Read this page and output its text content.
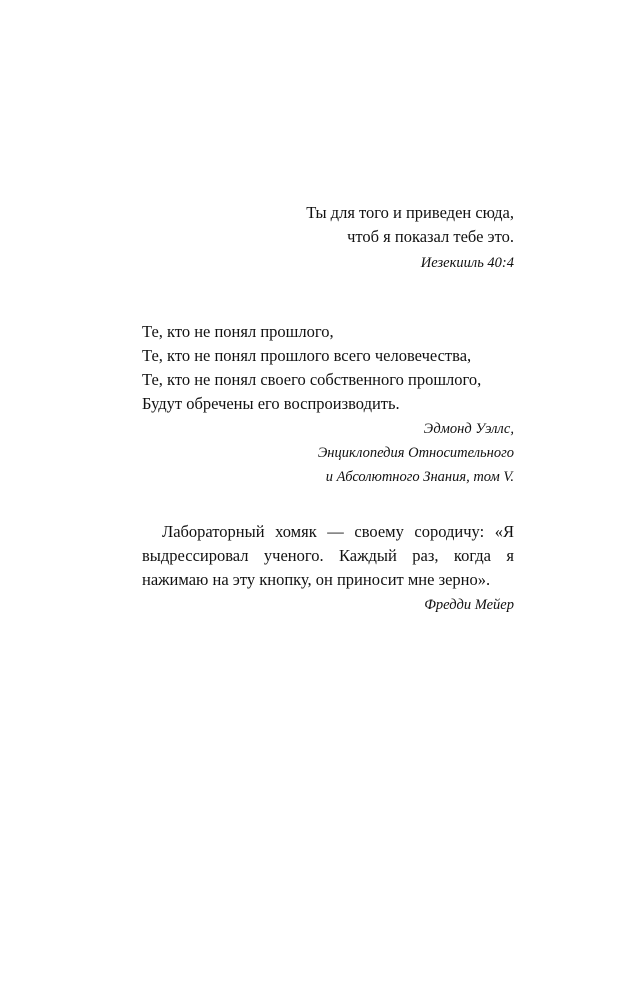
Ты для того и приведен сюда,
чтоб я показал тебе это.
Иезекииль 40:4
Те, кто не понял прошлого,
Те, кто не понял прошлого всего человечества,
Те, кто не понял своего собственного прошлого,
Будут обречены его воспроизводить.
Эдмонд Уэллс,
Энциклопедия Относительного
и Абсолютного Знания, том V.

Лабораторный хомяк — своему сородичу: «Я выдрессировал ученого. Каждый раз, когда я нажимаю на эту кнопку, он приносит мне зерно».

Фредди Мейер
